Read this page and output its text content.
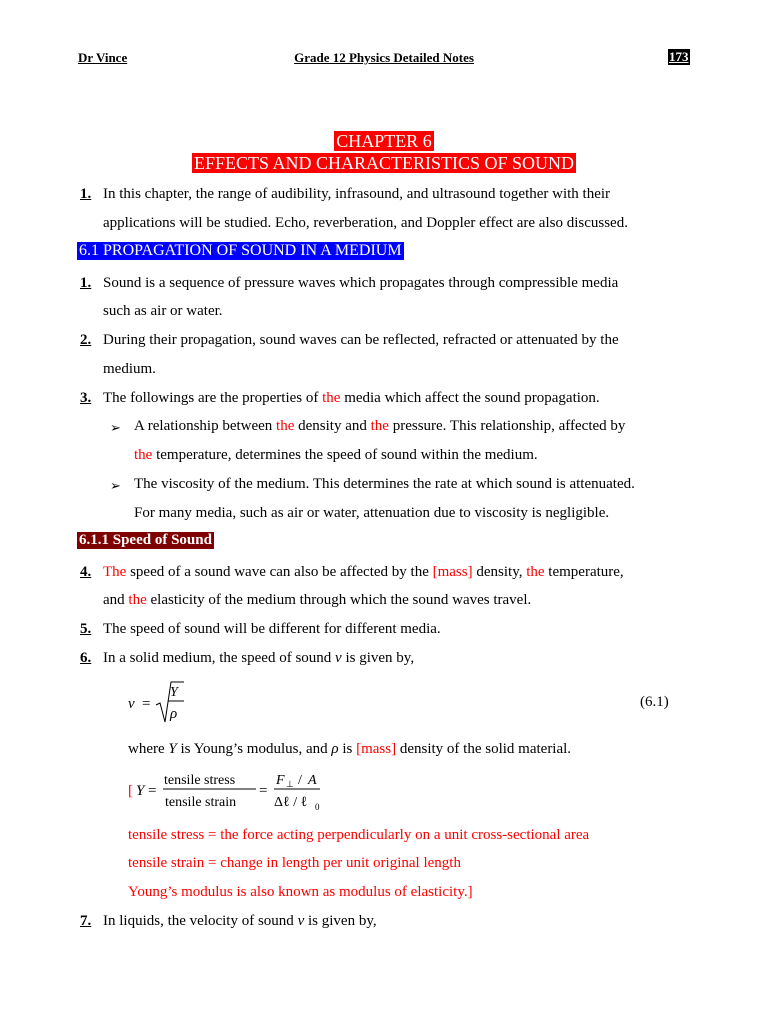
Dr Vince	Grade 12 Physics Detailed Notes	173
CHAPTER 6
EFFECTS AND CHARACTERISTICS OF SOUND
1. In this chapter, the range of audibility, infrasound, and ultrasound together with their
applications will be studied. Echo, reverberation, and Doppler effect are also discussed.
6.1 PROPAGATION OF SOUND IN A MEDIUM
1. Sound is a sequence of pressure waves which propagates through compressible media
such as air or water.
2. During their propagation, sound waves can be reflected, refracted or attenuated by the
medium.
3. The followings are the properties of the media which affect the sound propagation.
➢ A relationship between the density and the pressure. This relationship, affected by
the temperature, determines the speed of sound within the medium.
➢ The viscosity of the medium. This determines the rate at which sound is attenuated.
For many media, such as air or water, attenuation due to viscosity is negligible.
6.1.1 Speed of Sound
4. The speed of a sound wave can also be affected by the [mass] density, the temperature,
and the elasticity of the medium through which the sound waves travel.
5. The speed of sound will be different for different media.
6. In a solid medium, the speed of sound v is given by,
v =
Y
ρ
(6.1)
where Y is Young’s modulus, and ρ is [mass] density of the solid material.
[ Y =
tensile stress
tensile strain
=
F ⊥ / A
Δℓ / ℓ 0
tensile stress = the force acting perpendicularly on a unit cross-sectional area
tensile strain = change in length per unit original length
Young’s modulus is also known as modulus of elasticity.]
7. In liquids, the velocity of sound v is given by,
